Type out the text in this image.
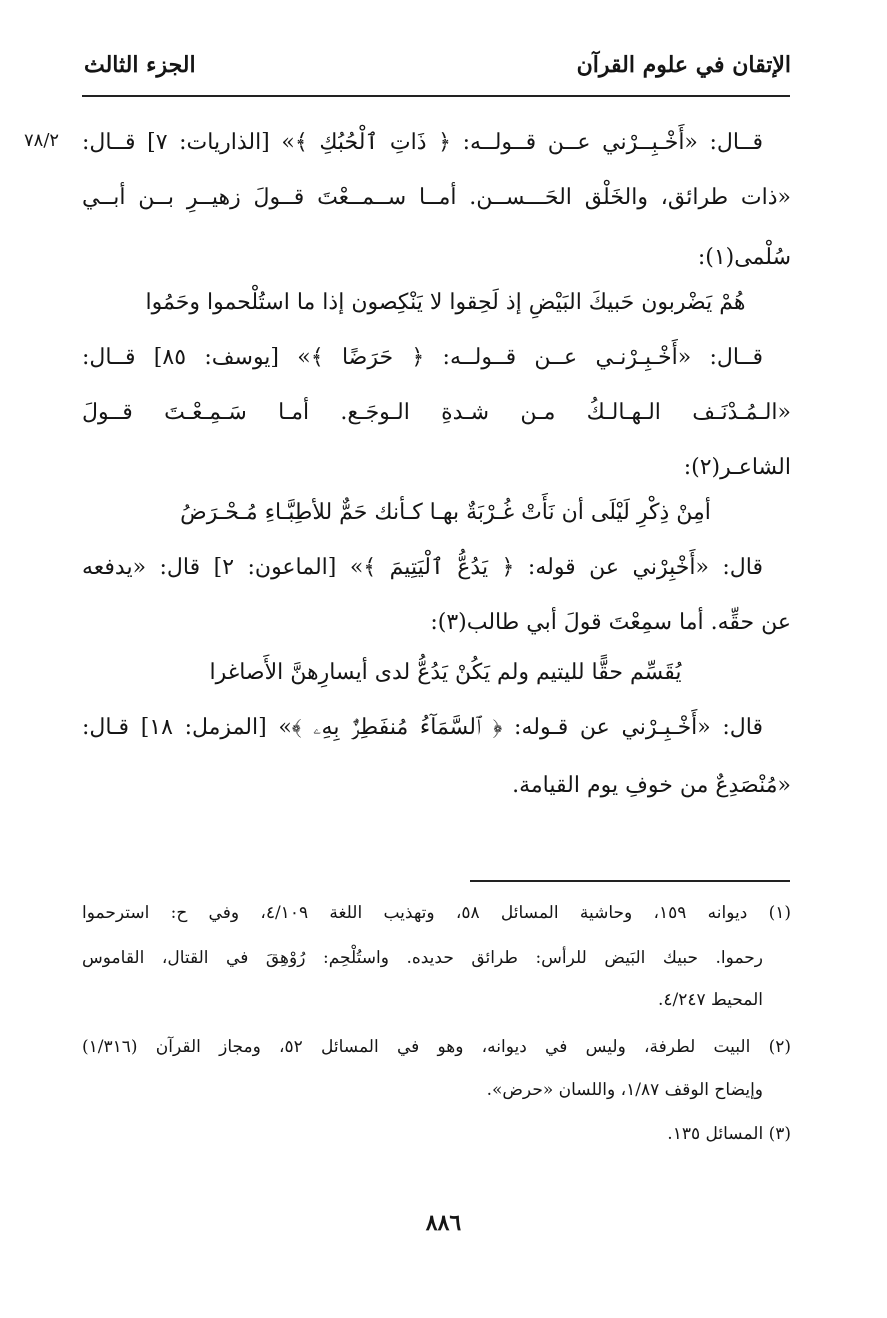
الإتقان في علوم القرآن
الجزء الثالث
٧٨/٢ قــال: «أَخْـبِــرْني عــن قــولــه: ﴿ ذَاتِ ٱلْحُبُكِ ﴾» [الذاريات: ٧] قــال:
«ذات طرائق، والخَلْق الحَـــســن. أمــا ســمــعْتَ قــولَ زهيــرِ بــن أبــي
سُلْمى(١):
هُمْ يَضْربون حَبيكَ البَيْضِ إذ لَحِقوا لا يَنْكِصون إذا ما استُلْحموا وحَمُوا
قــال: «أَخْـبِـرْنـي عــن قــولــه: ﴿ حَرَضًا ﴾» [يوسف: ٨٥] قــال:
«الـمُـدْنَـف الـهـالـكُ مـن شـدةِ الـوجَـع. أمـا سَـمِـعْـتَ قــولَ
الشاعـر(٢):
أمِنْ ذِكْرِ لَيْلَى أن نَأَتْ غُـرْبَةٌ بهـا كـأنك حَمٌّ للأطِبَّـاءِ مُـحْـرَضُ
قال: «أَخْبِرْني عن قوله: ﴿ يَدُعُّ ٱلْيَتِيمَ ﴾» [الماعون: ٢] قال: «يدفعه
عن حقِّه. أما سمِعْتَ قولَ أبي طالب(٣):
يُقَسِّم حقًّا لليتيم ولم يَكُنْ يَدُعُّ لدى أيسارِهنَّ الأَصاغرا
قال: «أَخْـبِـرْني عن قـوله: ﴿ ٱلسَّمَآءُ مُنفَطِرٌۢ بِهِۦ ﴾» [المزمل: ١٨] قـال:
«مُنْصَدِعٌ من خوفِ يوم القيامة.
(١) ديوانه ١٥٩، وحاشية المسائل ٥٨، وتهذيب اللغة ٤/١٠٩، وفي ح: استرحموا
رحموا. حبيك البَيض للرأس: طرائق حديده. واستُلْحِم: رُوْهِقَ في القتال، القاموس
المحيط ٤/٢٤٧.
(٢) البيت لطرفة، وليس في ديوانه، وهو في المسائل ٥٢، ومجاز القرآن (١/٣١٦)
وإيضاح الوقف ١/٨٧، واللسان «حرض».
(٣) المسائل ١٣٥.
٨٨٦
